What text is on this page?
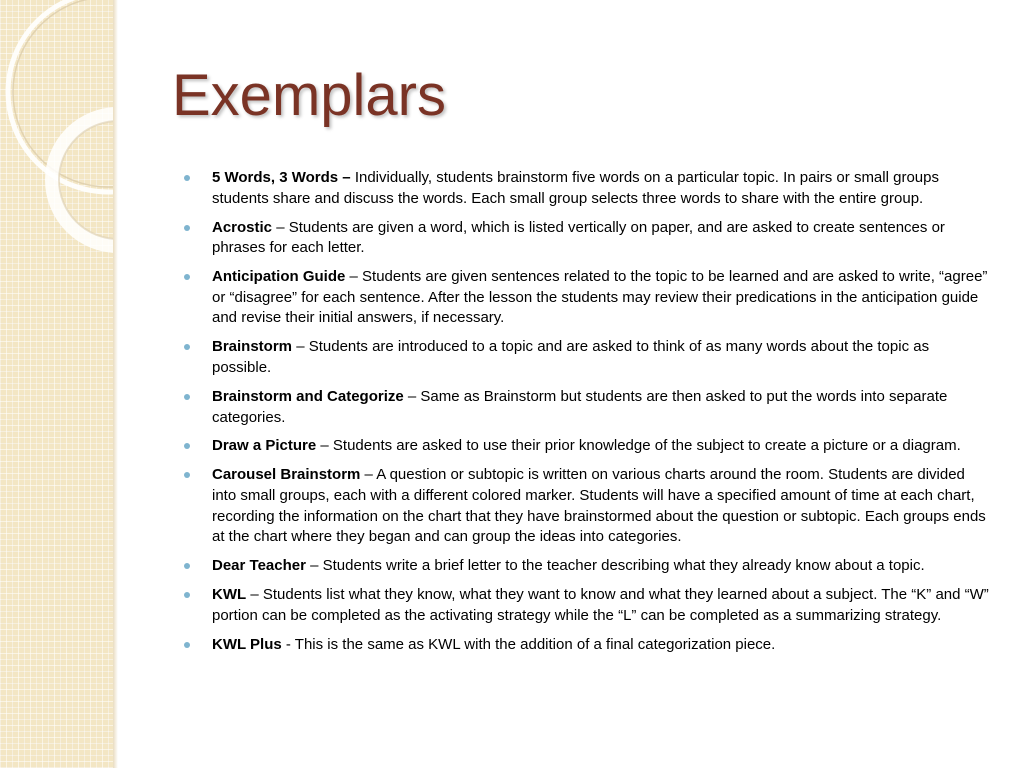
Exemplars
5 Words, 3 Words – Individually, students brainstorm five words on a particular topic. In pairs or small groups students share and discuss the words. Each small group selects three words to share with the entire group.
Acrostic – Students are given a word, which is listed vertically on paper, and are asked to create sentences or phrases for each letter.
Anticipation Guide – Students are given sentences related to the topic to be learned and are asked to write, “agree” or “disagree” for each sentence. After the lesson the students may review their predications in the anticipation guide and revise their initial answers, if necessary.
Brainstorm – Students are introduced to a topic and are asked to think of as many words about the topic as possible.
Brainstorm and Categorize – Same as Brainstorm but students are then asked to put the words into separate categories.
Draw a Picture – Students are asked to use their prior knowledge of the subject to create a picture or a diagram.
Carousel Brainstorm – A question or subtopic is written on various charts around the room. Students are divided into small groups, each with a different colored marker. Students will have a specified amount of time at each chart, recording the information on the chart that they have brainstormed about the question or subtopic. Each groups ends at the chart where they began and can group the ideas into categories.
Dear Teacher – Students write a brief letter to the teacher describing what they already know about a topic.
KWL – Students list what they know, what they want to know and what they learned about a subject. The “K” and “W” portion can be completed as the activating strategy while the “L” can be completed as a summarizing strategy.
KWL Plus - This is the same as KWL with the addition of a final categorization piece.
